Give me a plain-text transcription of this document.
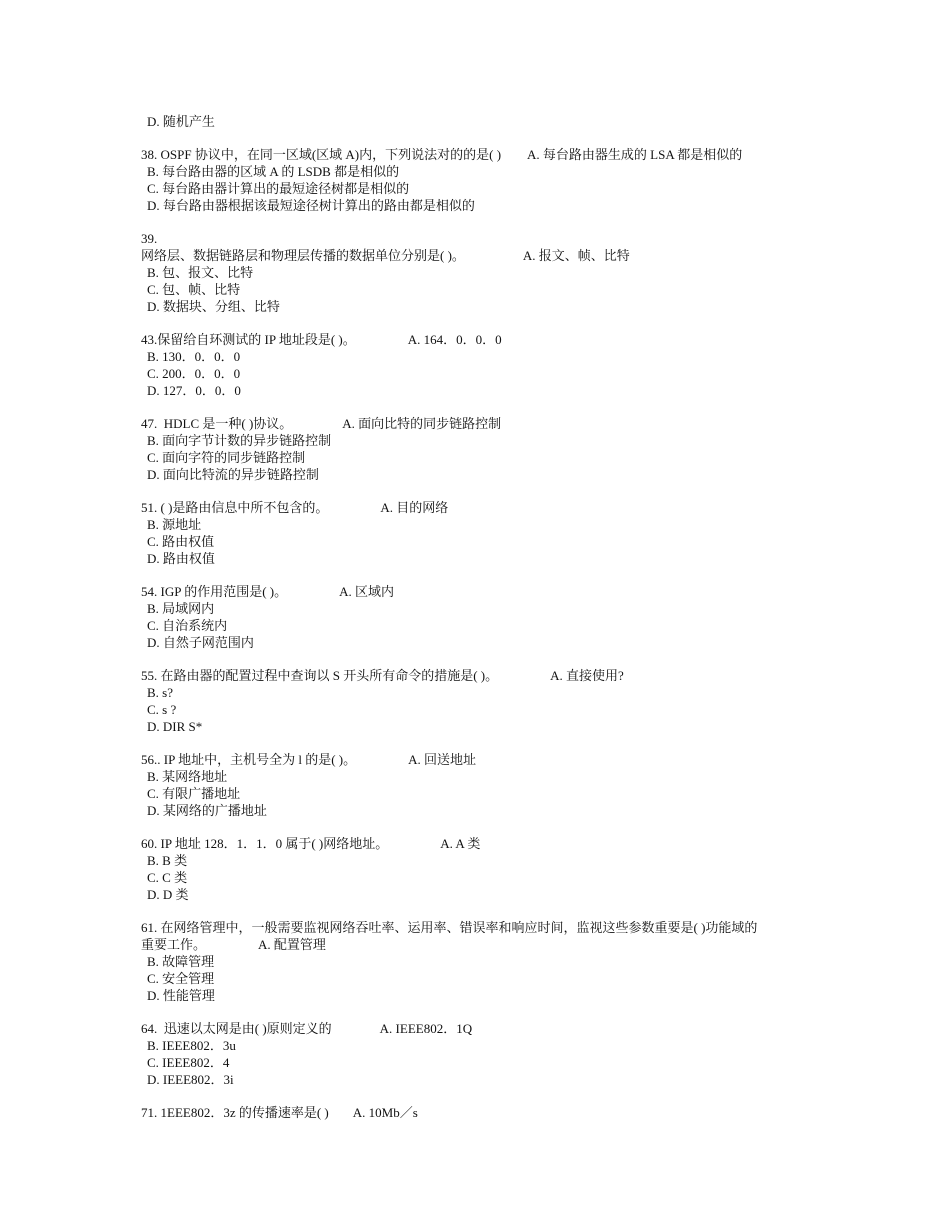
D. 随机产生
38. OSPF 协议中，在同一区域(区域 A)内，下列说法对的的是( ) A. 每台路由器生成的 LSA 都是相似的
B. 每台路由器的区域 A 的 LSDB 都是相似的
C. 每台路由器计算出的最短途径树都是相似的
D. 每台路由器根据该最短途径树计算出的路由都是相似的
39.
网络层、数据链路层和物理层传播的数据单位分别是( )。	A. 报文、帧、比特
B. 包、报文、比特
C. 包、帧、比特
D. 数据块、分组、比特
43.保留给自环测试的 IP 地址段是( )。	A. 164．0．0．0
B. 130．0．0．0
C. 200．0．0．0
D. 127．0．0．0
47.  HDLC 是一种( )协议。	A. 面向比特的同步链路控制
B. 面向字节计数的异步链路控制
C. 面向字符的同步链路控制
D. 面向比特流的异步链路控制
51. ( )是路由信息中所不包含的。	A. 目的网络
B. 源地址
C. 路由权值
D. 路由权值
54. IGP 的作用范围是( )。	A. 区域内
B. 局域网内
C. 自治系统内
D. 自然子网范围内
55. 在路由器的配置过程中查询以 S 开头所有命令的措施是( )。	A. 直接使用?
B. s?
C. s ?
D. DIR S*
56.. IP 地址中，主机号全为 l 的是( )。	A. 回送地址
B. 某网络地址
C. 有限广播地址
D. 某网络的广播地址
60. IP 地址 128．1．1．0 属于( )网络地址。	A. A 类
B. B 类
C. C 类
D. D 类
61. 在网络管理中，一般需要监视网络吞吐率、运用率、错误率和响应时间，监视这些参数重要是( )功能域的
重要工作。	A. 配置管理
B. 故障管理
C. 安全管理
D. 性能管理
64.  迅速以太网是由( )原则定义的	A. IEEE802．1Q
B. IEEE802．3u
C. IEEE802．4
D. IEEE802．3i
71. 1EEE802．3z 的传播速率是( ) A. 10Mb／s
